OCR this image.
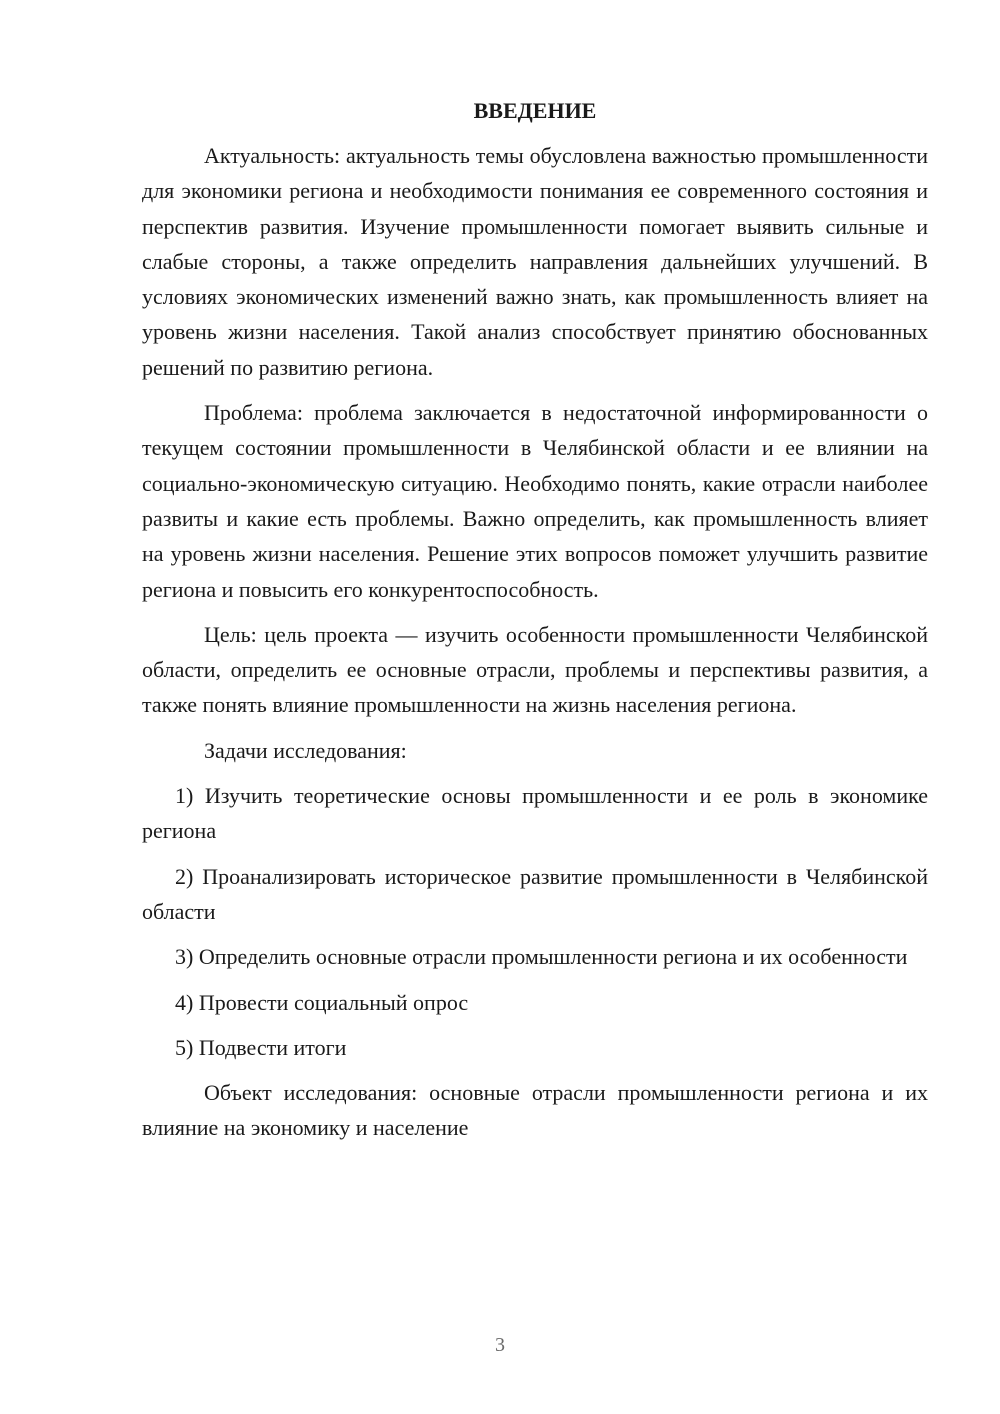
ВВЕДЕНИЕ

Актуальность: актуальность темы обусловлена важностью промышленности для экономики региона и необходимости понимания ее современного состояния и перспектив развития. Изучение промышленности помогает выявить сильные и слабые стороны, а также определить направления дальнейших улучшений. В условиях экономических изменений важно знать, как промышленность влияет на уровень жизни населения. Такой анализ способствует принятию обоснованных решений по развитию региона.

Проблема: проблема заключается в недостаточной информированности о текущем состоянии промышленности в Челябинской области и ее влиянии на социально-экономическую ситуацию. Необходимо понять, какие отрасли наиболее развиты и какие есть проблемы. Важно определить, как промышленность влияет на уровень жизни населения. Решение этих вопросов поможет улучшить развитие региона и повысить его конкурентоспособность.

Цель: цель проекта — изучить особенности промышленности Челябинской области, определить ее основные отрасли, проблемы и перспективы развития, а также понять влияние промышленности на жизнь населения региона.

Задачи исследования:

1) Изучить теоретические основы промышленности и ее роль в экономике региона

2) Проанализировать историческое развитие промышленности в Челябинской области

3) Определить основные отрасли промышленности региона и их особенности

4) Провести социальный опрос

5) Подвести итоги

Объект исследования: основные отрасли промышленности региона и их влияние на экономику и население

3
